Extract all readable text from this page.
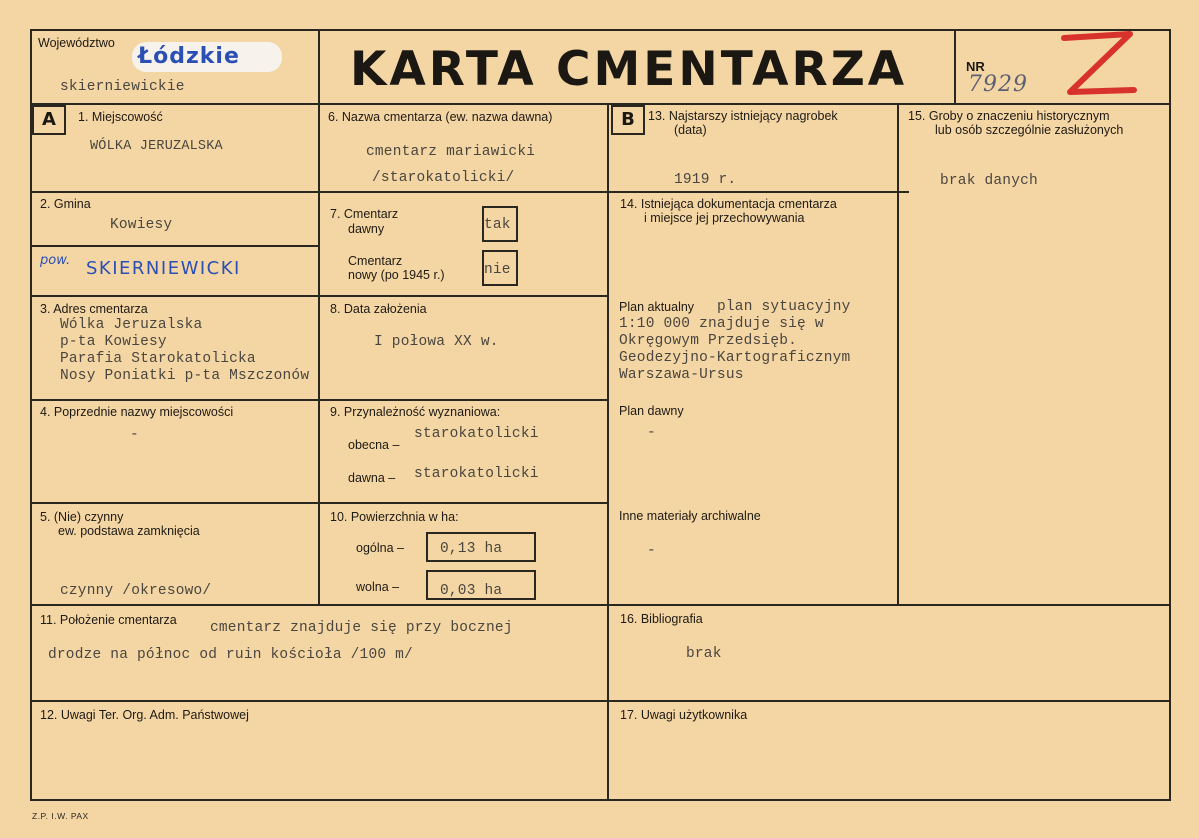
Województwo
Łódzkie
skierniewickie	KARTA CMENTARZA	NR
7929
A	1. Miejscowość
WÓLKA JERUZALSKA
2. Gmina
Kowiesy
pow. SKIERNIEWICKI
3. Adres cmentarza
Wólka Jeruzalska
p-ta Kowiesy
Parafia Starokatolicka
Nosy Poniatki p-ta Mszczonów
4. Poprzednie nazwy miejscowości
-
5. (Nie) czynny
ew. podstawa zamknięcia
czynny /okresowo/
6. Nazwa cmentarza (ew. nazwa dawna)
cmentarz mariawicki
/starokatolicki/
7. Cmentarz
dawny	tak
Cmentarz
nowy (po 1945 r.)	nie
8. Data założenia
I połowa XX w.
9. Przynależność wyznaniowa:
obecna –
starokatolicki
dawna – starokatolicki
10. Powierzchnia w ha:
ogólna – 0,13 ha
wolna –	0,03 ha
B	13. Najstarszy istniejący nagrobek
(data)
1919 r.
14. Istniejąca dokumentacja cmentarza
i miejsce jej przechowywania
Plan aktualny plan sytuacyjny
1:10 000 znajduje się w
Okręgowym Przedsięb.
Geodezyjno-Kartograficznym
Warszawa-Ursus
Plan dawny
-
Inne materiały archiwalne
-
15. Groby o znaczeniu historycznym
lub osób szczególnie zasłużonych
brak danych
11. Położenie cmentarza cmentarz znajduje się przy bocznej
drodze na północ od ruin kościoła /100 m/
16. Bibliografia
brak
12. Uwagi Ter. Org. Adm. Państwowej	17. Uwagi użytkownika
Z.P. I.W. PAX
